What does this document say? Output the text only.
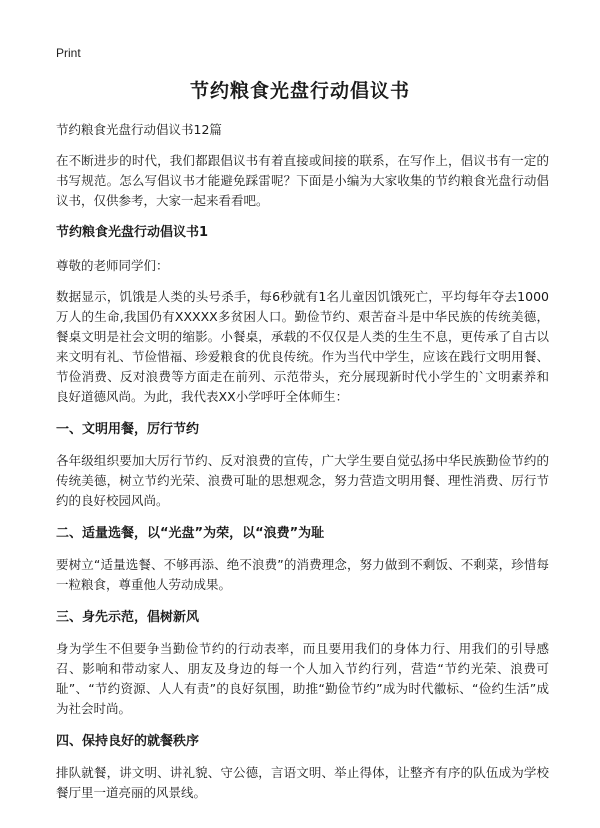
Print
节约粮食光盘行动倡议书

节约粮食光盘行动倡议书12篇

在不断进步的时代，我们都跟倡议书有着直接或间接的联系，在写作上，倡议书有一定的书写规范。怎么写倡议书才能避免踩雷呢？下面是小编为大家收集的节约粮食光盘行动倡议书，仅供参考，大家一起来看看吧。

节约粮食光盘行动倡议书1

尊敬的老师同学们：

数据显示，饥饿是人类的头号杀手，每6秒就有1名儿童因饥饿死亡，平均每年夺去1000万人的生命,我国仍有XXXXX多贫困人口。勤俭节约、艰苦奋斗是中华民族的传统美德，餐桌文明是社会文明的缩影。小餐桌，承载的不仅仅是人类的生生不息，更传承了自古以来文明有礼、节俭惜福、珍爱粮食的优良传统。作为当代中学生，应该在践行文明用餐、节俭消费、反对浪费等方面走在前列、示范带头，充分展现新时代小学生的`文明素养和良好道德风尚。为此，我代表XX小学呼吁全体师生：

一、文明用餐，厉行节约

各年级组织要加大厉行节约、反对浪费的宣传，广大学生要自觉弘扬中华民族勤俭节约的传统美德，树立节约光荣、浪费可耻的思想观念，努力营造文明用餐、理性消费、厉行节约的良好校园风尚。

二、适量选餐，以“光盘”为荣，以“浪费”为耻

要树立“适量选餐、不够再添、绝不浪费”的消费理念，努力做到不剩饭、不剩菜，珍惜每一粒粮食，尊重他人劳动成果。

三、身先示范，倡树新风

身为学生不但要争当勤俭节约的行动表率，而且要用我们的身体力行、用我们的引导感召、影响和带动家人、朋友及身边的每一个人加入节约行列，营造“节约光荣、浪费可耻”、“节约资源、人人有责”的良好氛围，助推“勤俭节约”成为时代徽标、“俭约生活”成为社会时尚。

四、保持良好的就餐秩序

排队就餐，讲文明、讲礼貌、守公德，言语文明、举止得体，让整齐有序的队伍成为学校餐厅里一道亮丽的风景线。
